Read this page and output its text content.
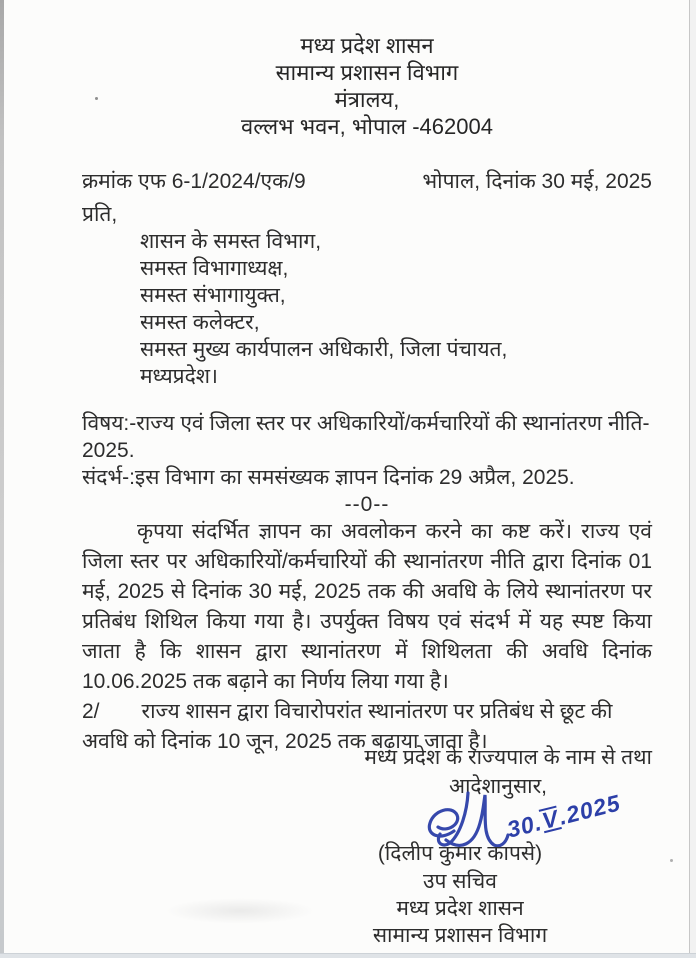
मध्य प्रदेश शासन
सामान्य प्रशासन विभाग
मंत्रालय,
वल्लभ भवन, भोपाल -462004
क्रमांक एफ 6-1/2024/एक/9	भोपाल, दिनांक 30 मई, 2025
प्रति,
शासन के समस्त विभाग,
समस्त विभागाध्यक्ष,
समस्त संभागायुक्त,
समस्त कलेक्टर,
समस्त मुख्य कार्यपालन अधिकारी, जिला पंचायत,
मध्यप्रदेश।
विषय:-राज्य एवं जिला स्तर पर अधिकारियों/कर्मचारियों की स्थानांतरण नीति- 2025.
संदर्भ-:इस विभाग का समसंख्यक ज्ञापन दिनांक 29 अप्रैल, 2025.
--0--

कृपया संदर्भित ज्ञापन का अवलोकन करने का कष्ट करें। राज्य एवं जिला स्तर पर अधिकारियों/कर्मचारियों की स्थानांतरण नीति द्वारा दिनांक 01 मई, 2025 से दिनांक 30 मई, 2025 तक की अवधि के लिये स्थानांतरण पर प्रतिबंध शिथिल किया गया है। उपर्युक्त विषय एवं संदर्भ में यह स्पष्ट किया जाता है कि शासन द्वारा स्थानांतरण में शिथिलता की अवधि दिनांक 10.06.2025 तक बढ़ाने का निर्णय लिया गया है।

2/ राज्य शासन द्वारा विचारोपरांत स्थानांतरण पर प्रतिबंध से छूट की अवधि को दिनांक 10 जून, 2025 तक बढ़ाया जाता है।

मध्य प्रदेश के राज्यपाल के नाम से तथा
आदेशानुसार,
30.V.2025
(दिलीप कुमार कापसे)
उप सचिव
मध्य प्रदेश शासन
सामान्य प्रशासन विभाग
